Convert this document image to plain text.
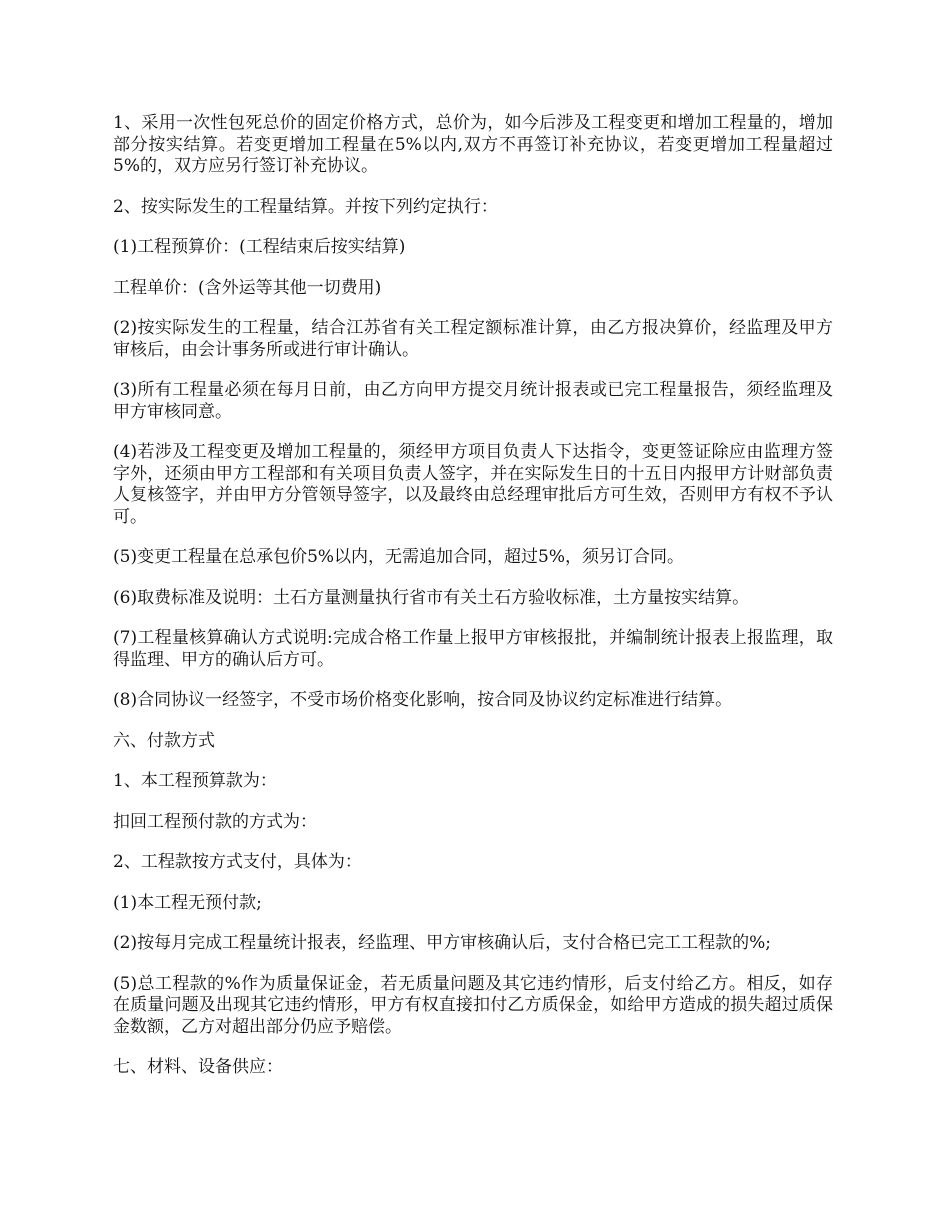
1、采用一次性包死总价的固定价格方式，总价为，如今后涉及工程变更和增加工程量的，增加部分按实结算。若变更增加工程量在5%以内,双方不再签订补充协议，若变更增加工程量超过5%的，双方应另行签订补充协议。

2、按实际发生的工程量结算。并按下列约定执行：

(1)工程预算价：(工程结束后按实结算)

工程单价：(含外运等其他一切费用)

(2)按实际发生的工程量，结合江苏省有关工程定额标准计算，由乙方报决算价，经监理及甲方审核后，由会计事务所或进行审计确认。

(3)所有工程量必须在每月日前，由乙方向甲方提交月统计报表或已完工程量报告，须经监理及甲方审核同意。

(4)若涉及工程变更及增加工程量的，须经甲方项目负责人下达指令，变更签证除应由监理方签字外，还须由甲方工程部和有关项目负责人签字，并在实际发生日的十五日内报甲方计财部负责人复核签字，并由甲方分管领导签字，以及最终由总经理审批后方可生效，否则甲方有权不予认可。

(5)变更工程量在总承包价5%以内，无需追加合同，超过5%，须另订合同。

(6)取费标准及说明：土石方量测量执行省市有关土石方验收标准，土方量按实结算。

(7)工程量核算确认方式说明:完成合格工作量上报甲方审核报批，并编制统计报表上报监理，取得监理、甲方的确认后方可。

(8)合同协议一经签字，不受市场价格变化影响，按合同及协议约定标准进行结算。

六、付款方式

1、本工程预算款为：

扣回工程预付款的方式为：

2、工程款按方式支付，具体为：

(1)本工程无预付款;

(2)按每月完成工程量统计报表，经监理、甲方审核确认后，支付合格已完工工程款的%;

(5)总工程款的%作为质量保证金，若无质量问题及其它违约情形，后支付给乙方。相反，如存在质量问题及出现其它违约情形，甲方有权直接扣付乙方质保金，如给甲方造成的损失超过质保金数额，乙方对超出部分仍应予赔偿。

七、材料、设备供应：
